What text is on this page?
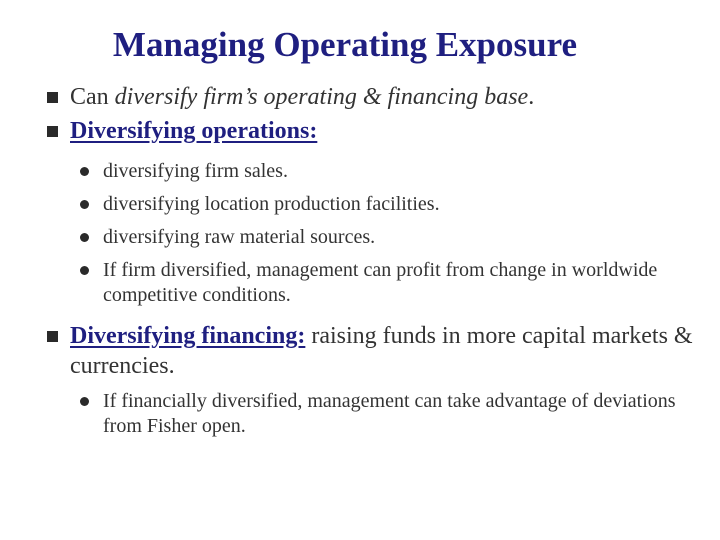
Managing Operating Exposure
Can diversify firm’s operating & financing base.
Diversifying operations:
diversifying firm sales.
diversifying location production facilities.
diversifying raw material sources.
If firm diversified, management can profit from change in worldwide competitive conditions.
Diversifying financing: raising funds in more capital markets & currencies.
If financially diversified, management can take advantage of deviations from Fisher open.
